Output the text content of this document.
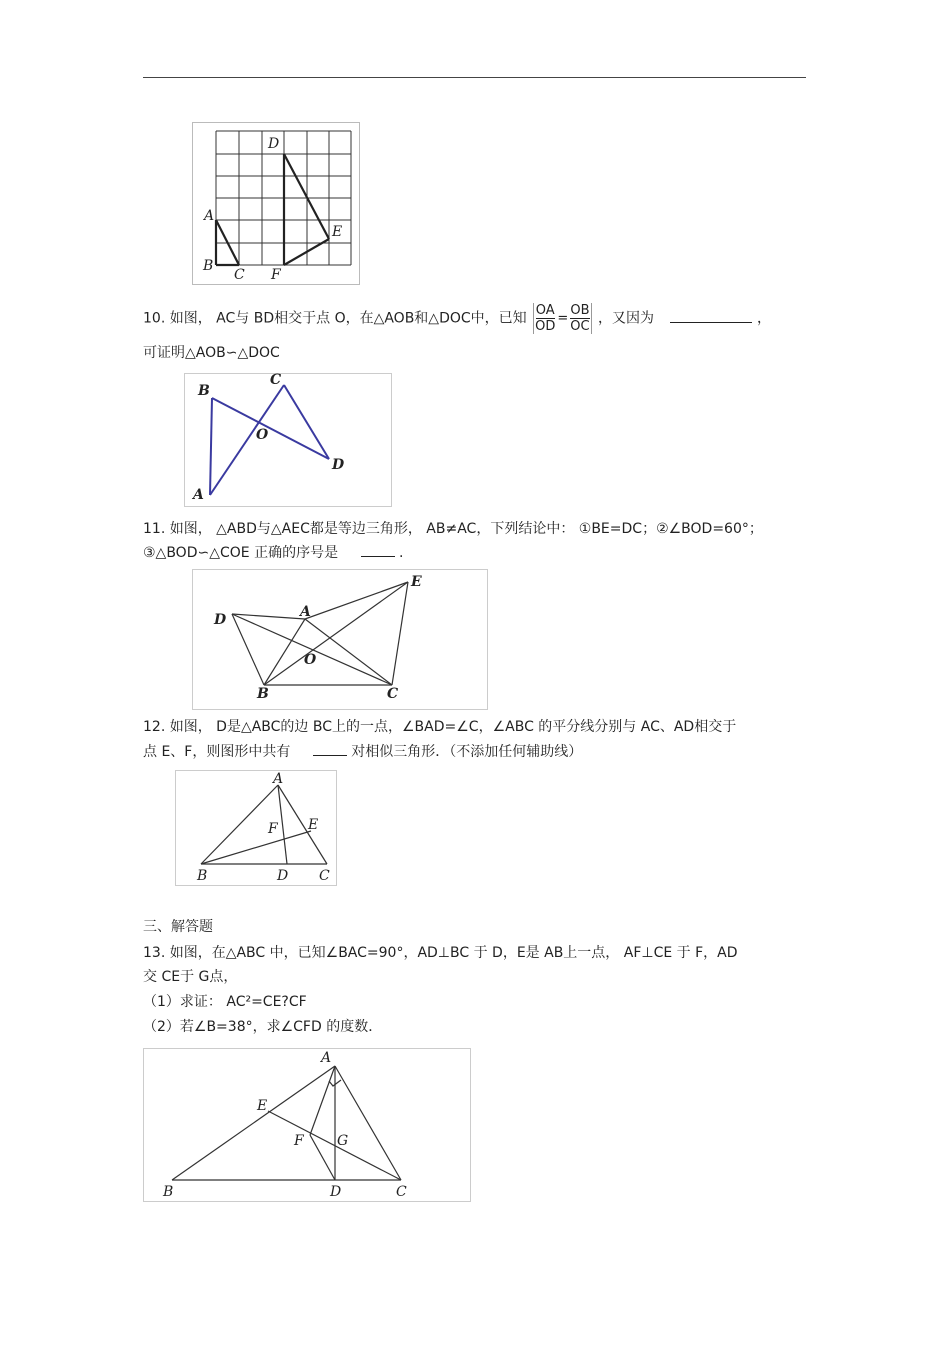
D
A
E
B
C F
10. 如图， AC与 BD相交于点 O，在△AOB和△DOC中，已知 $\frac{OA}{OD} = \frac{OB}{OC}$ ，又因为	，
可证明△AOB∽△DOC
B
C
O
D
A
11. 如图， △ABD与△AEC都是等边三角形， AB≠AC，下列结论中： ①BE=DC；②∠BOD=60°；
③△BOD∽△COE 正确的序号是	.
D	A
E
O
B	C
12. 如图， D是△ABC的边 BC上的一点，∠BAD=∠C，∠ABC 的平分线分别与 AC、AD相交于
点 E、F，则图形中共有	对相似三角形．（不添加任何辅助线）
A
F E
B	D C
三、解答题
13. 如图，在△ABC 中，已知∠BAC=90°，AD⊥BC 于 D，E是 AB上一点， AF⊥CE 于 F，AD
交 CE于 G点，
（1）求证： AC²=CE?CF
（2）若∠B=38°，求∠CFD 的度数．
A
E
F G
B	D	C
